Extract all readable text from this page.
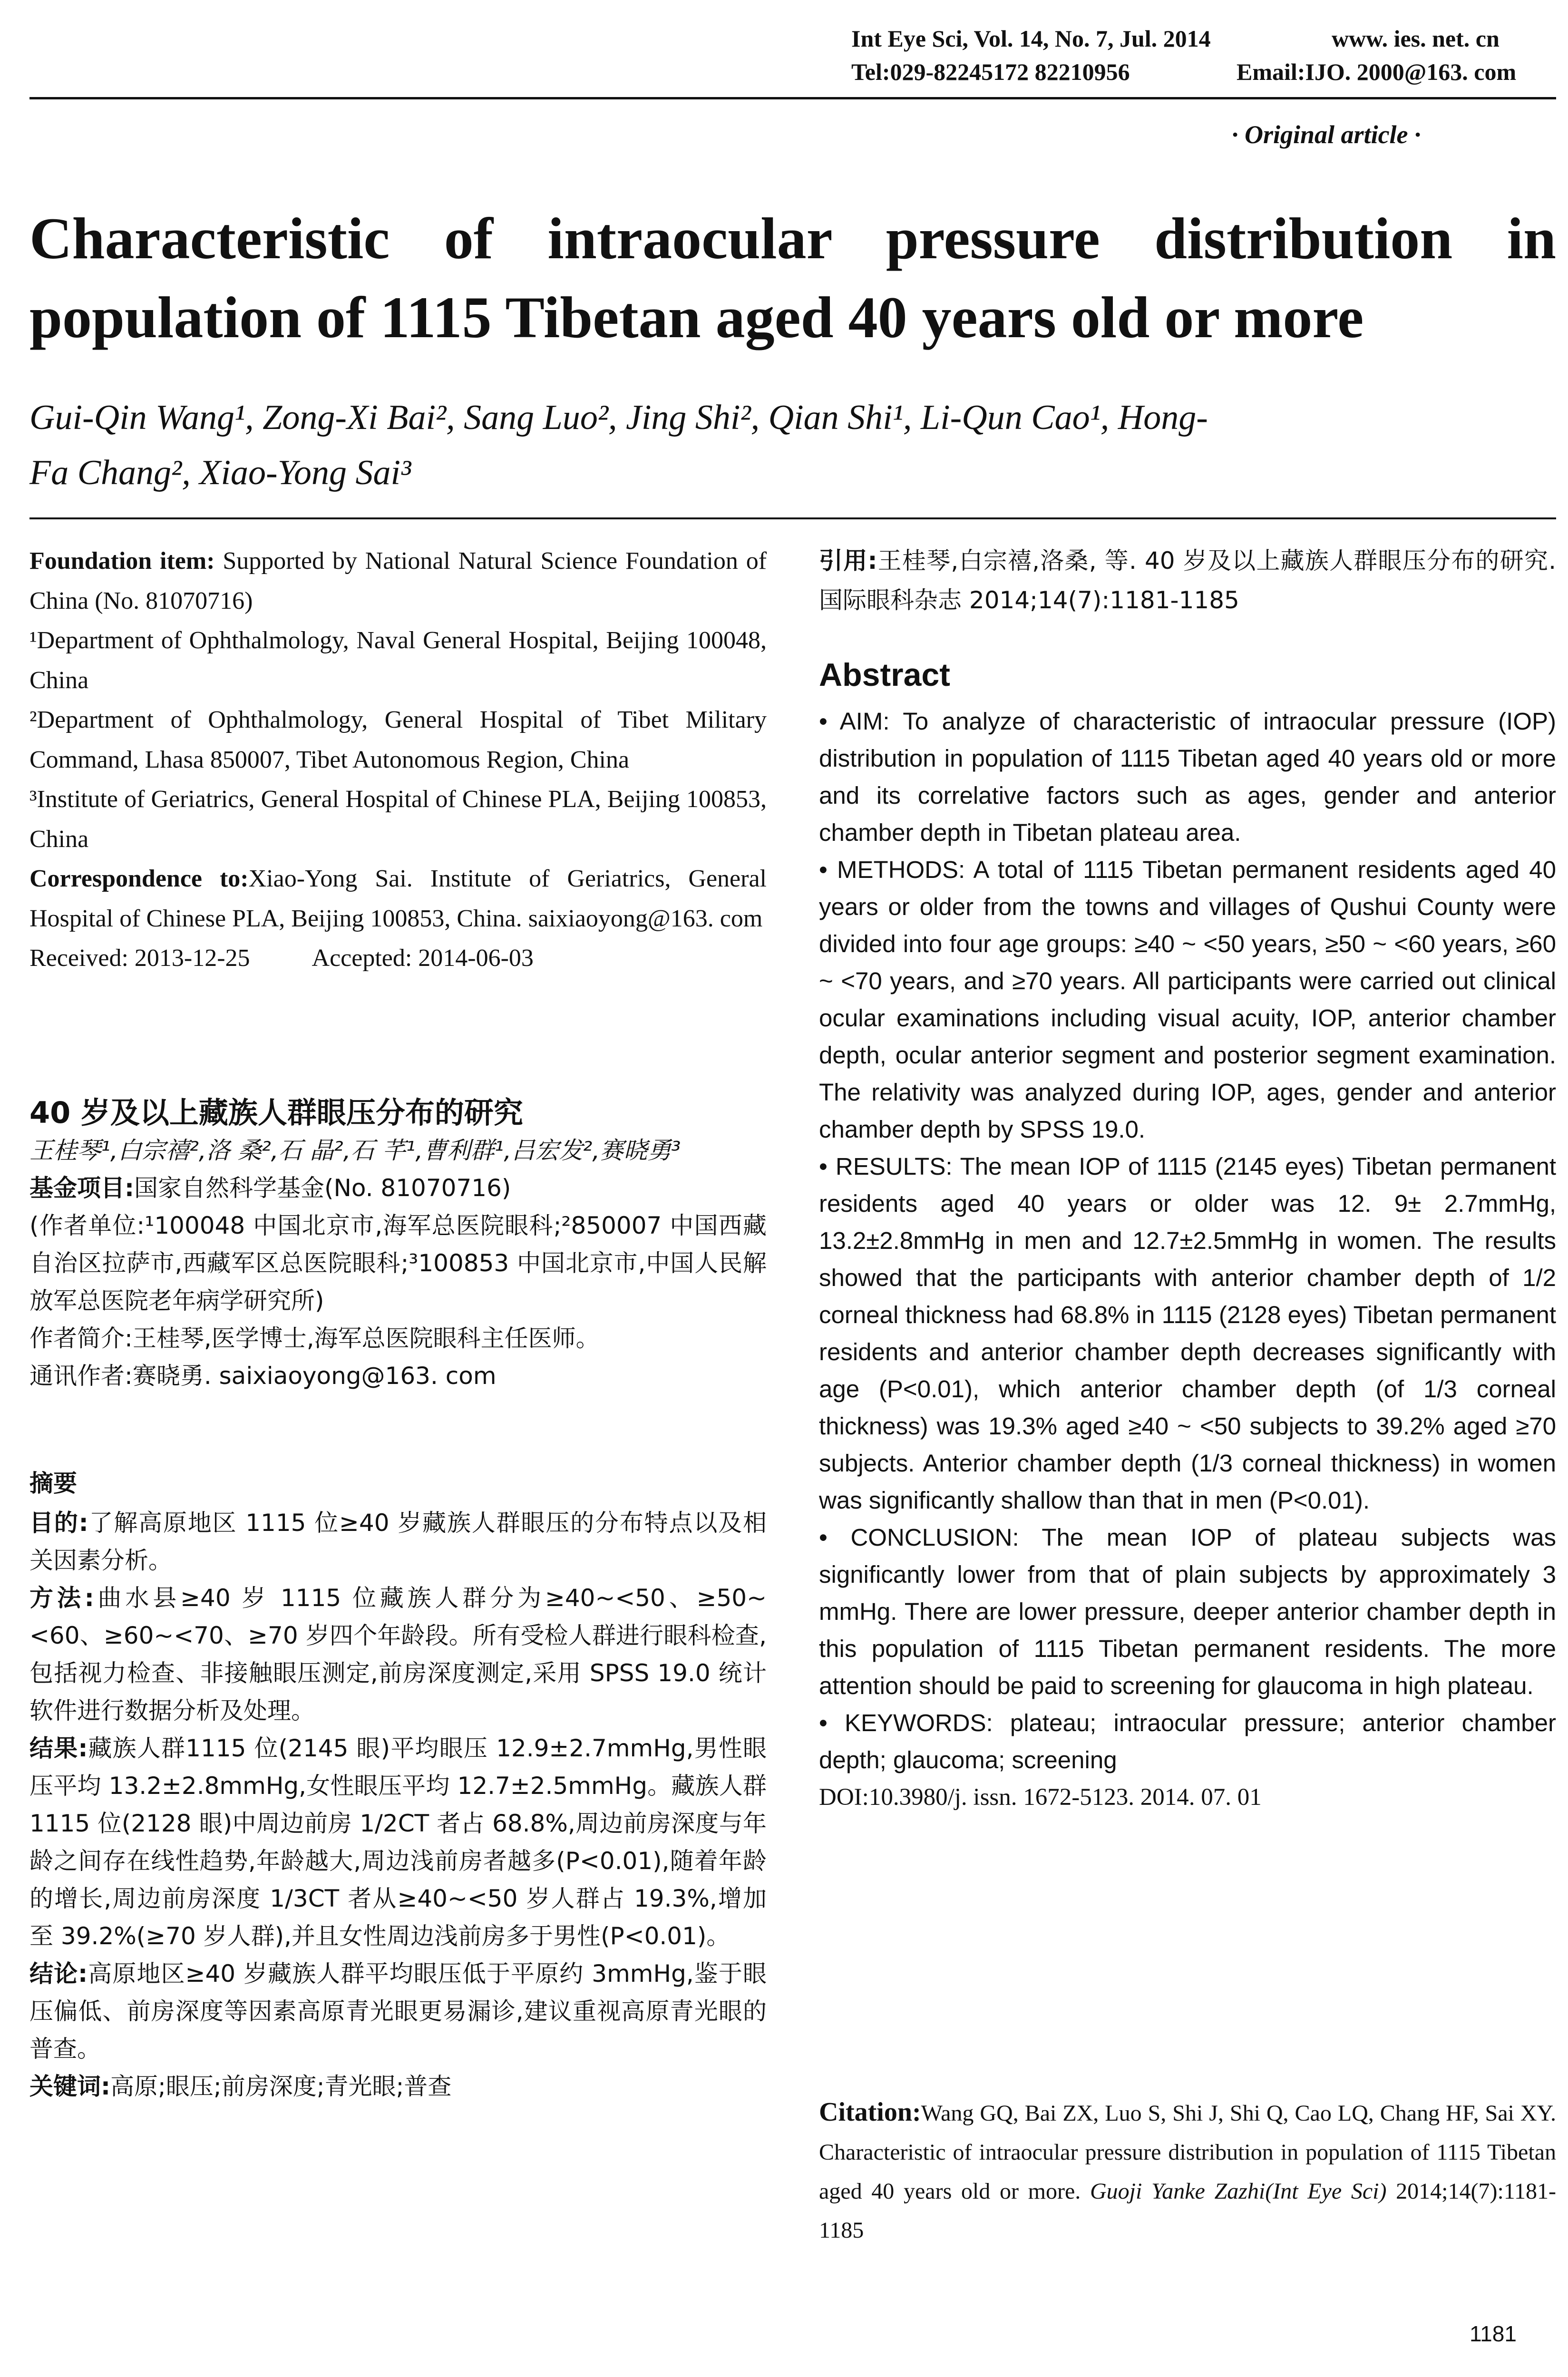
Int Eye Sci, Vol. 14, No. 7, Jul. 2014	www. ies. net. cn
Tel:029-82245172 82210956	Email:IJO. 2000@163. com
· Original article ·
Characteristic of intraocular pressure distribution in
population of 1115 Tibetan aged 40 years old or more
Gui-Qin Wang¹, Zong-Xi Bai², Sang Luo², Jing Shi², Qian Shi¹, Li-Qun Cao¹, Hong-
Fa Chang², Xiao-Yong Sai³

Foundation item: Supported by National Natural Science Foundation of China (No. 81070716)

¹Department of Ophthalmology, Naval General Hospital, Beijing 100048, China

²Department of Ophthalmology, General Hospital of Tibet Military Command, Lhasa 850007, Tibet Autonomous Region, China

³Institute of Geriatrics, General Hospital of Chinese PLA, Beijing 100853, China

Correspondence to:Xiao-Yong Sai. Institute of Geriatrics, General Hospital of Chinese PLA, Beijing 100853, China. saixiaoyong@163. com

Received: 2013-12-25	Accepted: 2014-06-03

40 岁及以上藏族人群眼压分布的研究

王桂琴¹,白宗禧²,洛 桑²,石 晶²,石 芊¹,曹利群¹,吕宏发²,赛晓勇³

基金项目:国家自然科学基金(No. 81070716)

(作者单位:¹100048 中国北京市,海军总医院眼科;²850007 中国西藏自治区拉萨市,西藏军区总医院眼科;³100853 中国北京市,中国人民解放军总医院老年病学研究所)

作者简介:王桂琴,医学博士,海军总医院眼科主任医师。

通讯作者:赛晓勇. saixiaoyong@163. com

摘要

目的:了解高原地区 1115 位≥40 岁藏族人群眼压的分布特点以及相关因素分析。

方法:曲水县≥40 岁 1115 位藏族人群分为≥40~<50、≥50~<60、≥60~<70、≥70 岁四个年龄段。所有受检人群进行眼科检查,包括视力检查、非接触眼压测定,前房深度测定,采用 SPSS 19.0 统计软件进行数据分析及处理。

结果:藏族人群1115 位(2145 眼)平均眼压 12.9±2.7mmHg,男性眼压平均 13.2±2.8mmHg,女性眼压平均 12.7±2.5mmHg。藏族人群 1115 位(2128 眼)中周边前房 1/2CT 者占 68.8%,周边前房深度与年龄之间存在线性趋势,年龄越大,周边浅前房者越多(P<0.01),随着年龄的增长,周边前房深度 1/3CT 者从≥40~<50 岁人群占 19.3%,增加至 39.2%(≥70 岁人群),并且女性周边浅前房多于男性(P<0.01)。

结论:高原地区≥40 岁藏族人群平均眼压低于平原约 3mmHg,鉴于眼压偏低、前房深度等因素高原青光眼更易漏诊,建议重视高原青光眼的普查。

关键词:高原;眼压;前房深度;青光眼;普查

引用:王桂琴,白宗禧,洛桑, 等. 40 岁及以上藏族人群眼压分布的研究. 国际眼科杂志 2014;14(7):1181-1185

Abstract

• AIM: To analyze of characteristic of intraocular pressure (IOP) distribution in population of 1115 Tibetan aged 40 years old or more and its correlative factors such as ages, gender and anterior chamber depth in Tibetan plateau area.

• METHODS: A total of 1115 Tibetan permanent residents aged 40 years or older from the towns and villages of Qushui County were divided into four age groups: ≥40 ~ <50 years, ≥50 ~ <60 years, ≥60 ~ <70 years, and ≥70 years. All participants were carried out clinical ocular examinations including visual acuity, IOP, anterior chamber depth, ocular anterior segment and posterior segment examination. The relativity was analyzed during IOP, ages, gender and anterior chamber depth by SPSS 19.0.

• RESULTS: The mean IOP of 1115 (2145 eyes) Tibetan permanent residents aged 40 years or older was 12. 9± 2.7mmHg, 13.2±2.8mmHg in men and 12.7±2.5mmHg in women. The results showed that the participants with anterior chamber depth of 1/2 corneal thickness had 68.8% in 1115 (2128 eyes) Tibetan permanent residents and anterior chamber depth decreases significantly with age (P<0.01), which anterior chamber depth (of 1/3 corneal thickness) was 19.3% aged ≥40 ~ <50 subjects to 39.2% aged ≥70 subjects. Anterior chamber depth (1/3 corneal thickness) in women was significantly shallow than that in men (P<0.01).

• CONCLUSION: The mean IOP of plateau subjects was significantly lower from that of plain subjects by approximately 3 mmHg. There are lower pressure, deeper anterior chamber depth in this population of 1115 Tibetan permanent residents. The more attention should be paid to screening for glaucoma in high plateau.

• KEYWORDS: plateau; intraocular pressure; anterior chamber depth; glaucoma; screening

DOI:10.3980/j. issn. 1672-5123. 2014. 07. 01

Citation:Wang GQ, Bai ZX, Luo S, Shi J, Shi Q, Cao LQ, Chang HF, Sai XY. Characteristic of intraocular pressure distribution in population of 1115 Tibetan aged 40 years old or more. Guoji Yanke Zazhi(Int Eye Sci) 2014;14(7):1181-1185

1181
